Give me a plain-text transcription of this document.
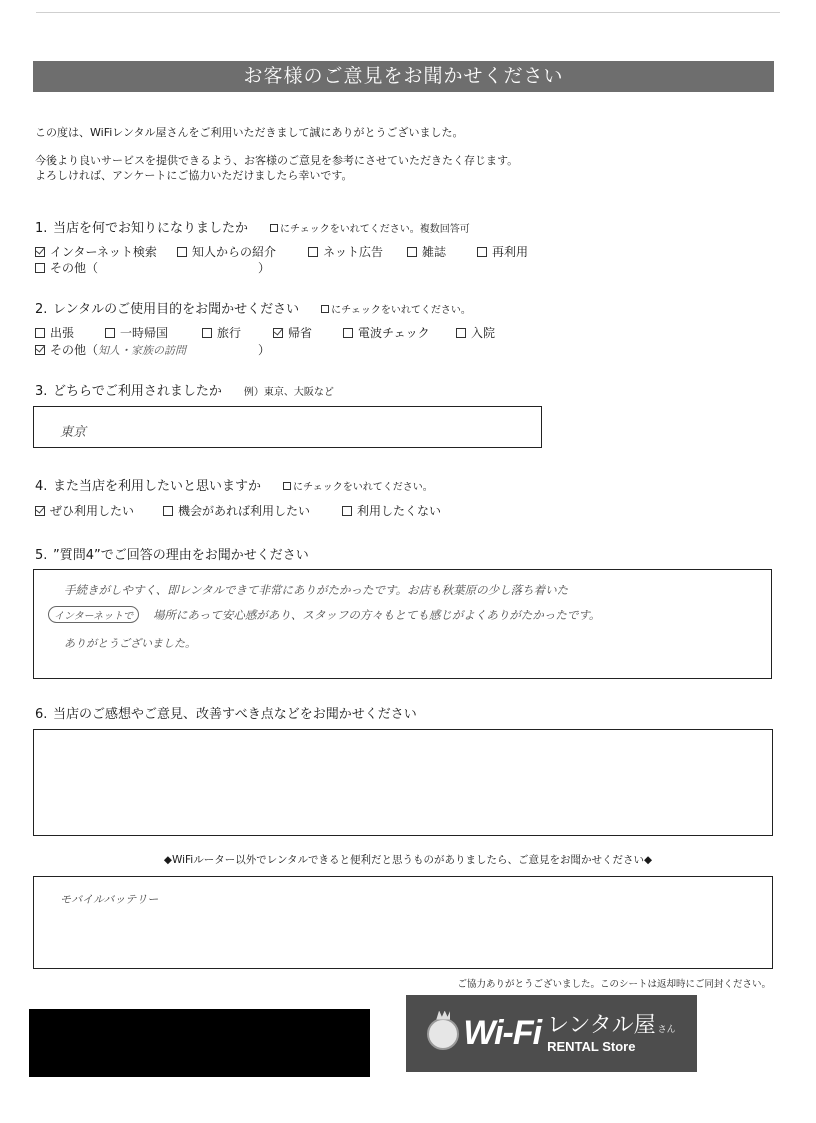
お客様のご意見をお聞かせください
この度は、WiFiレンタル屋さんをご利用いただきまして誠にありがとうございました。
今後より良いサービスを提供できるよう、お客様のご意見を参考にさせていただきたく存じます。
よろしければ、アンケートにご協力いただけましたら幸いです。
1. 当店を何でお知りになりましたか	にチェックをいれてください。複数回答可
インターネット検索	知人からの紹介	ネット広告	雑誌	再利用
その他（	）
2. レンタルのご使用目的をお聞かせください	にチェックをいれてください。
出張	一時帰国	旅行	帰省	電波チェック	入院
その他（ 知人・家族の訪問	）
3. どちらでご利用されましたか 例）東京、大阪など
東京
4. また当店を利用したいと思いますか	にチェックをいれてください。
ぜひ利用したい	機会があれば利用したい	利用したくない
5. ”質問4”でご回答の理由をお聞かせください
手続きがしやすく、即レンタルできて非常にありがたかったです。お店も秋葉原の少し落ち着いた
インターネットで 場所にあって安心感があり、スタッフの方々もとても感じがよくありがたかったです。
ありがとうございました。
6. 当店のご感想やご意見、改善すべき点などをお聞かせください
◆WiFiルーター以外でレンタルできると便利だと思うものがありましたら、ご意見をお聞かせください◆
モバイルバッテリー
ご協力ありがとうございました。このシートは返却時にご同封ください。
Wi-Fi レンタル屋 さん
RENTAL Store
